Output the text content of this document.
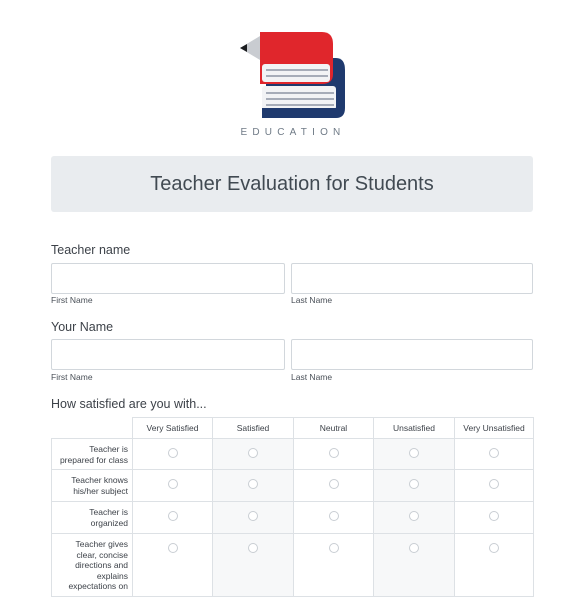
EDUCATION
Teacher Evaluation for Students
Teacher name
First Name	Last Name
Your Name
First Name	Last Name
How satisfied are you with...
	Very Satisfied	Satisfied	Neutral	Unsatisfied	Very Unsatisfied
Teacher is prepared for class					
Teacher knows his/her subject					
Teacher is organized					
Teacher gives clear, concise directions and explains expectations on					
